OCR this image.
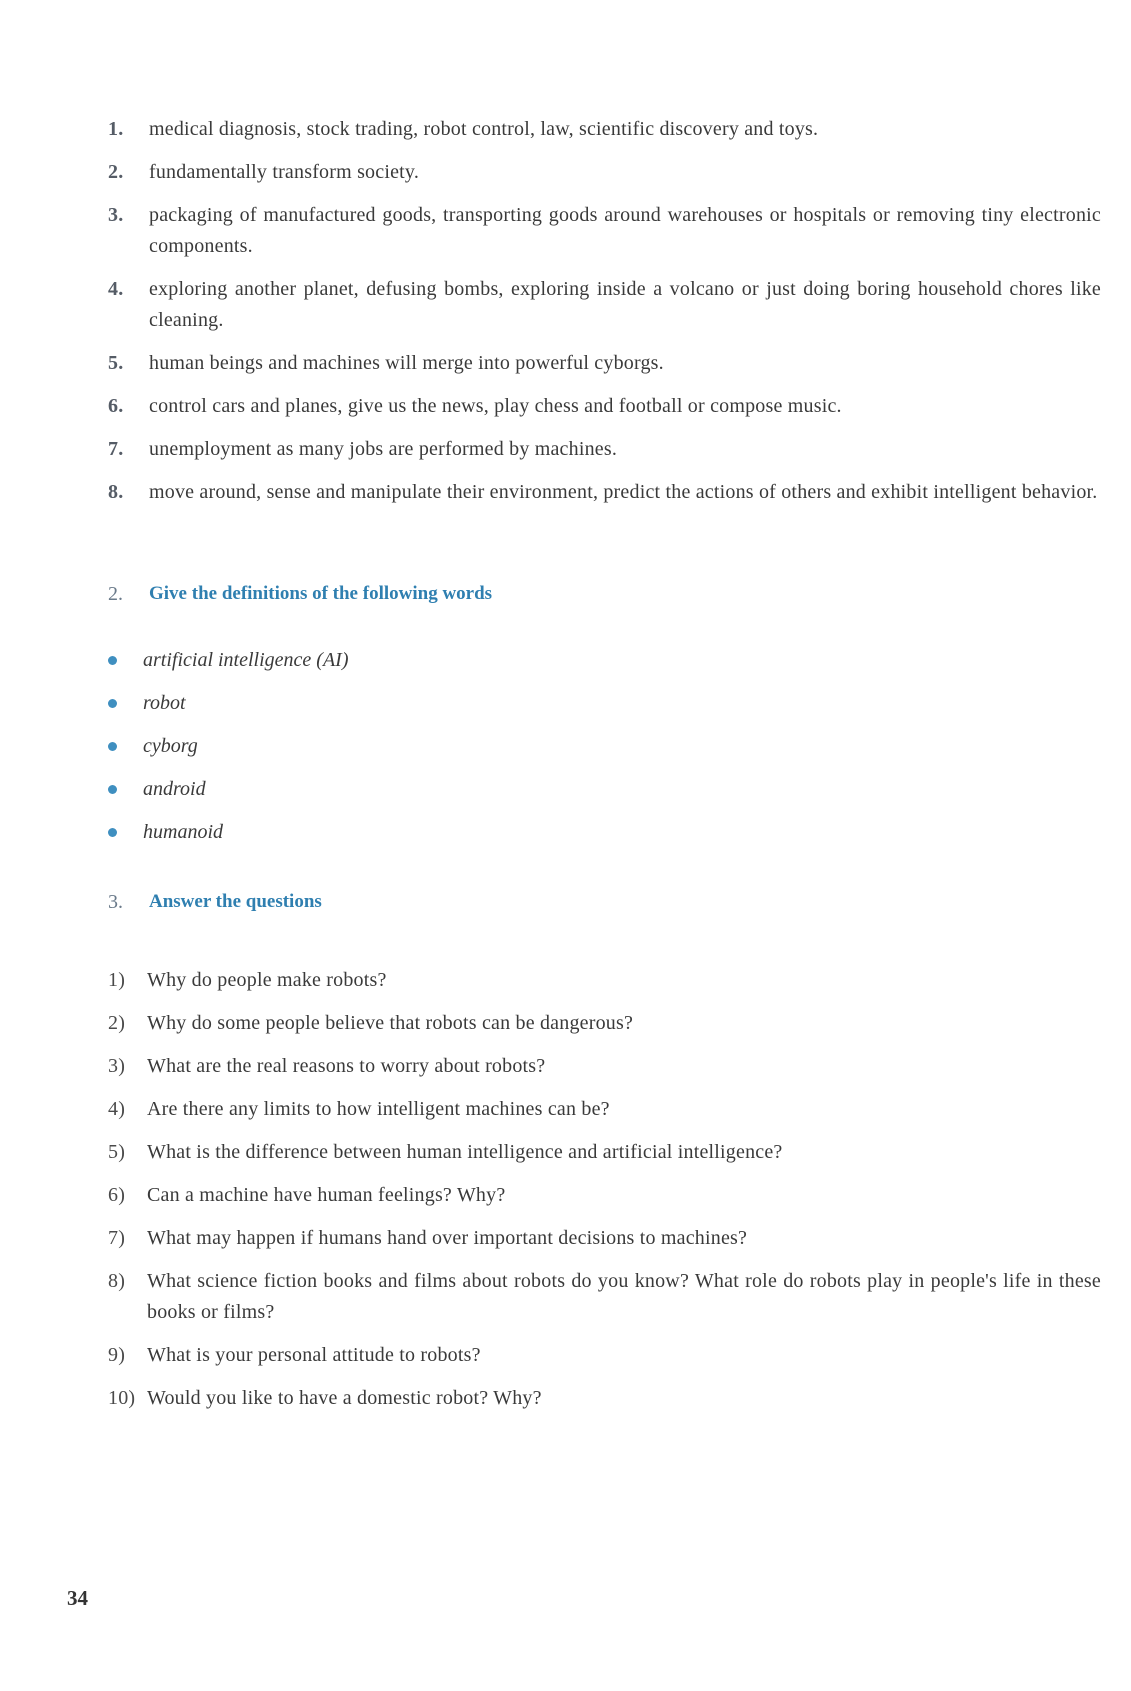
1.	medical diagnosis, stock trading, robot control, law, scientific discovery and toys.
2.	fundamentally transform society.
3.	packaging of manufactured goods, transporting goods around warehouses or hospitals or removing tiny electronic components.
4.	exploring another planet, defusing bombs, exploring inside a volcano or just doing boring household chores like cleaning.
5.	human beings and machines will merge into powerful cyborgs.
6.	control cars and planes, give us the news, play chess and football or compose music.
7.	unemployment as many jobs are performed by machines.
8.	move around, sense and manipulate their environment, predict the actions of others and exhibit intelligent behavior.
2.	Give the definitions of the following words
artificial intelligence (AI)
robot
cyborg
android
humanoid
3.	Answer the questions
1)	Why do people make robots?
2)	Why do some people believe that robots can be dangerous?
3)	What are the real reasons to worry about robots?
4)	Are there any limits to how intelligent machines can be?
5)	What is the difference between human intelligence and artificial intelligence?
6)	Can a machine have human feelings? Why?
7)	What may happen if humans hand over important decisions to machines?
8)	What science fiction books and films about robots do you know? What role do robots play in people's life in these books or films?
9)	What is your personal attitude to robots?
10) Would you like to have a domestic robot? Why?
34
